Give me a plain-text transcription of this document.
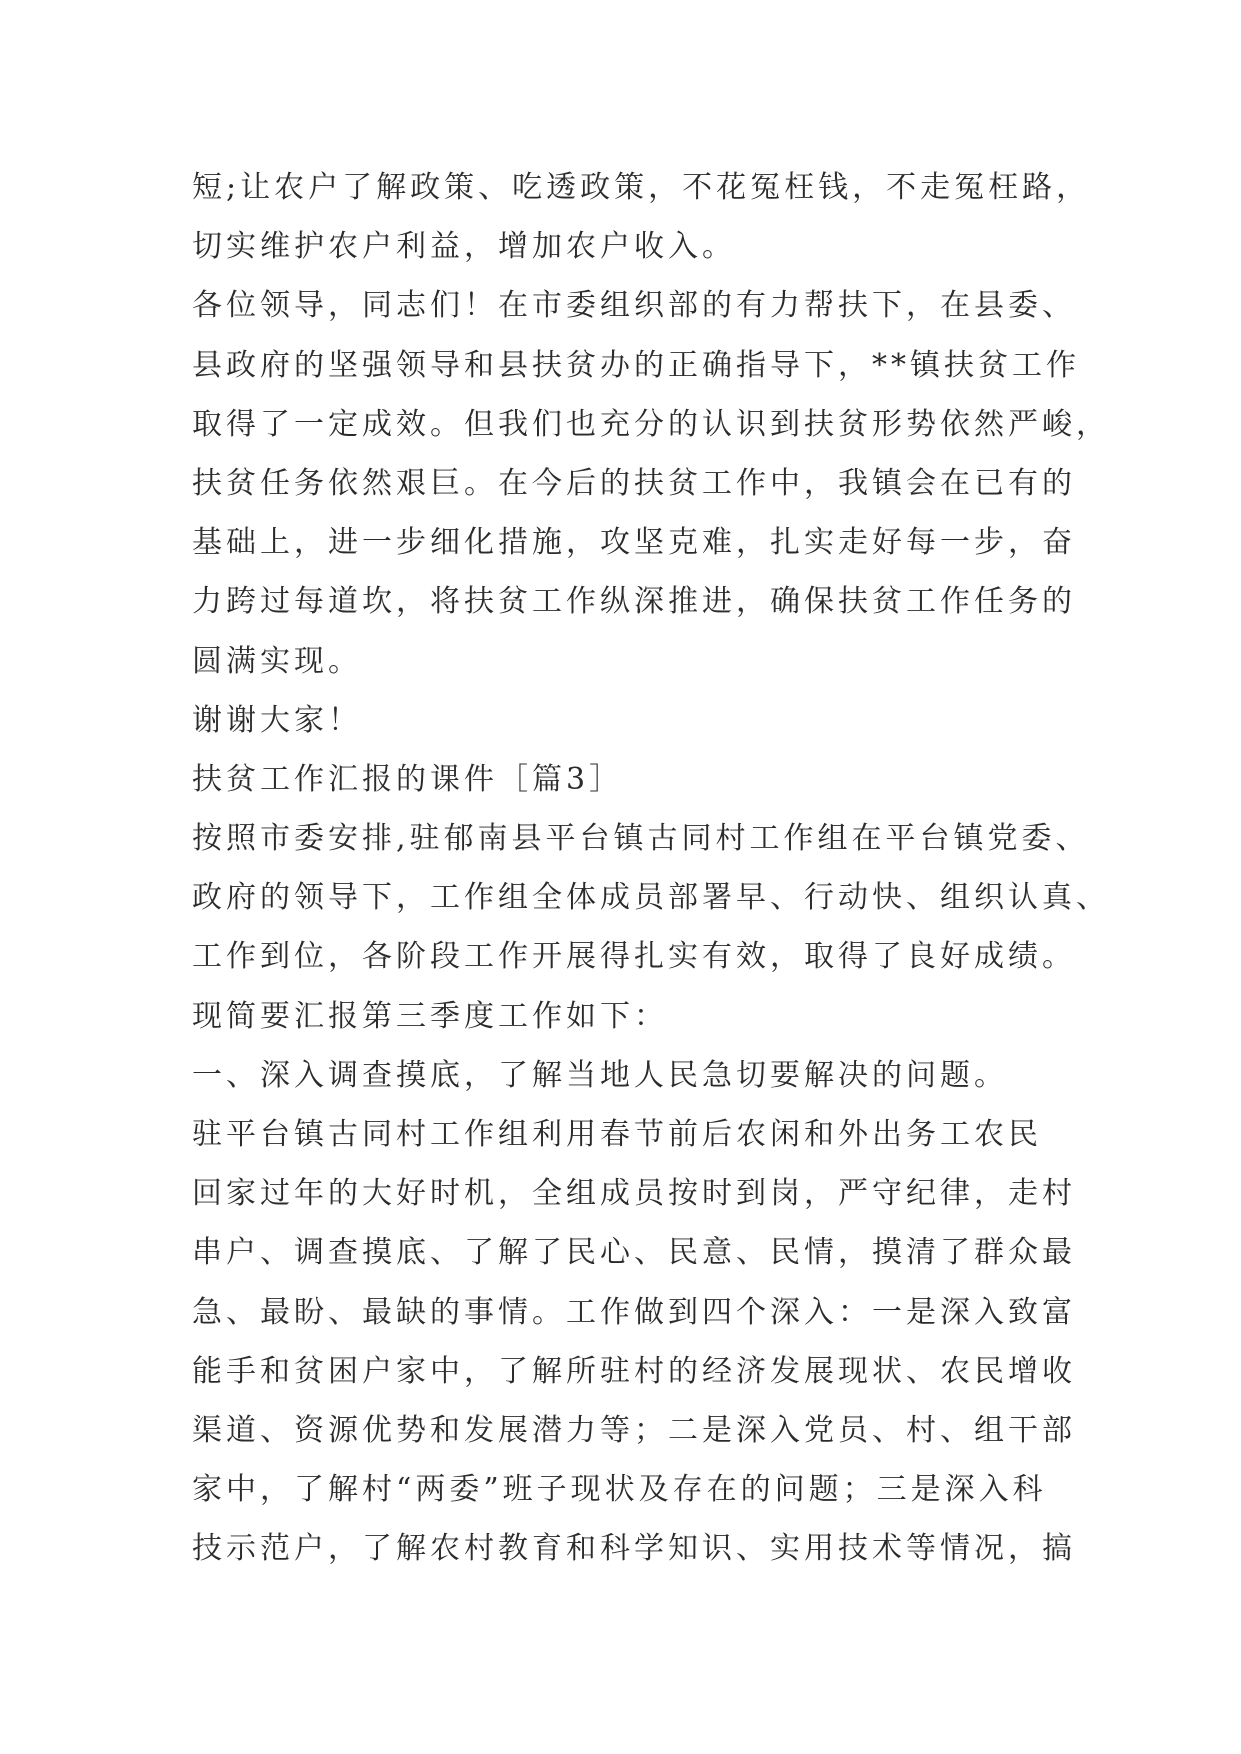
短;让农户了解政策、吃透政策，不花冤枉钱，不走冤枉路，
切实维护农户利益，增加农户收入。
各位领导，同志们！在市委组织部的有力帮扶下，在县委、
县政府的坚强领导和县扶贫办的正确指导下，**镇扶贫工作
取得了一定成效。但我们也充分的认识到扶贫形势依然严峻，
扶贫任务依然艰巨。在今后的扶贫工作中，我镇会在已有的
基础上，进一步细化措施，攻坚克难，扎实走好每一步，奋
力跨过每道坎，将扶贫工作纵深推进，确保扶贫工作任务的
圆满实现。
谢谢大家！
扶贫工作汇报的课件［篇3］
按照市委安排,驻郁南县平台镇古同村工作组在平台镇党委、
政府的领导下，工作组全体成员部署早、行动快、组织认真、
工作到位，各阶段工作开展得扎实有效，取得了良好成绩。
现简要汇报第三季度工作如下：
一、深入调查摸底，了解当地人民急切要解决的问题。
驻平台镇古同村工作组利用春节前后农闲和外出务工农民
回家过年的大好时机，全组成员按时到岗，严守纪律，走村
串户、调查摸底、了解了民心、民意、民情，摸清了群众最
急、最盼、最缺的事情。工作做到四个深入：一是深入致富
能手和贫困户家中，了解所驻村的经济发展现状、农民增收
渠道、资源优势和发展潜力等；二是深入党员、村、组干部
家中，了解村“两委”班子现状及存在的问题；三是深入科
技示范户，了解农村教育和科学知识、实用技术等情况，搞
